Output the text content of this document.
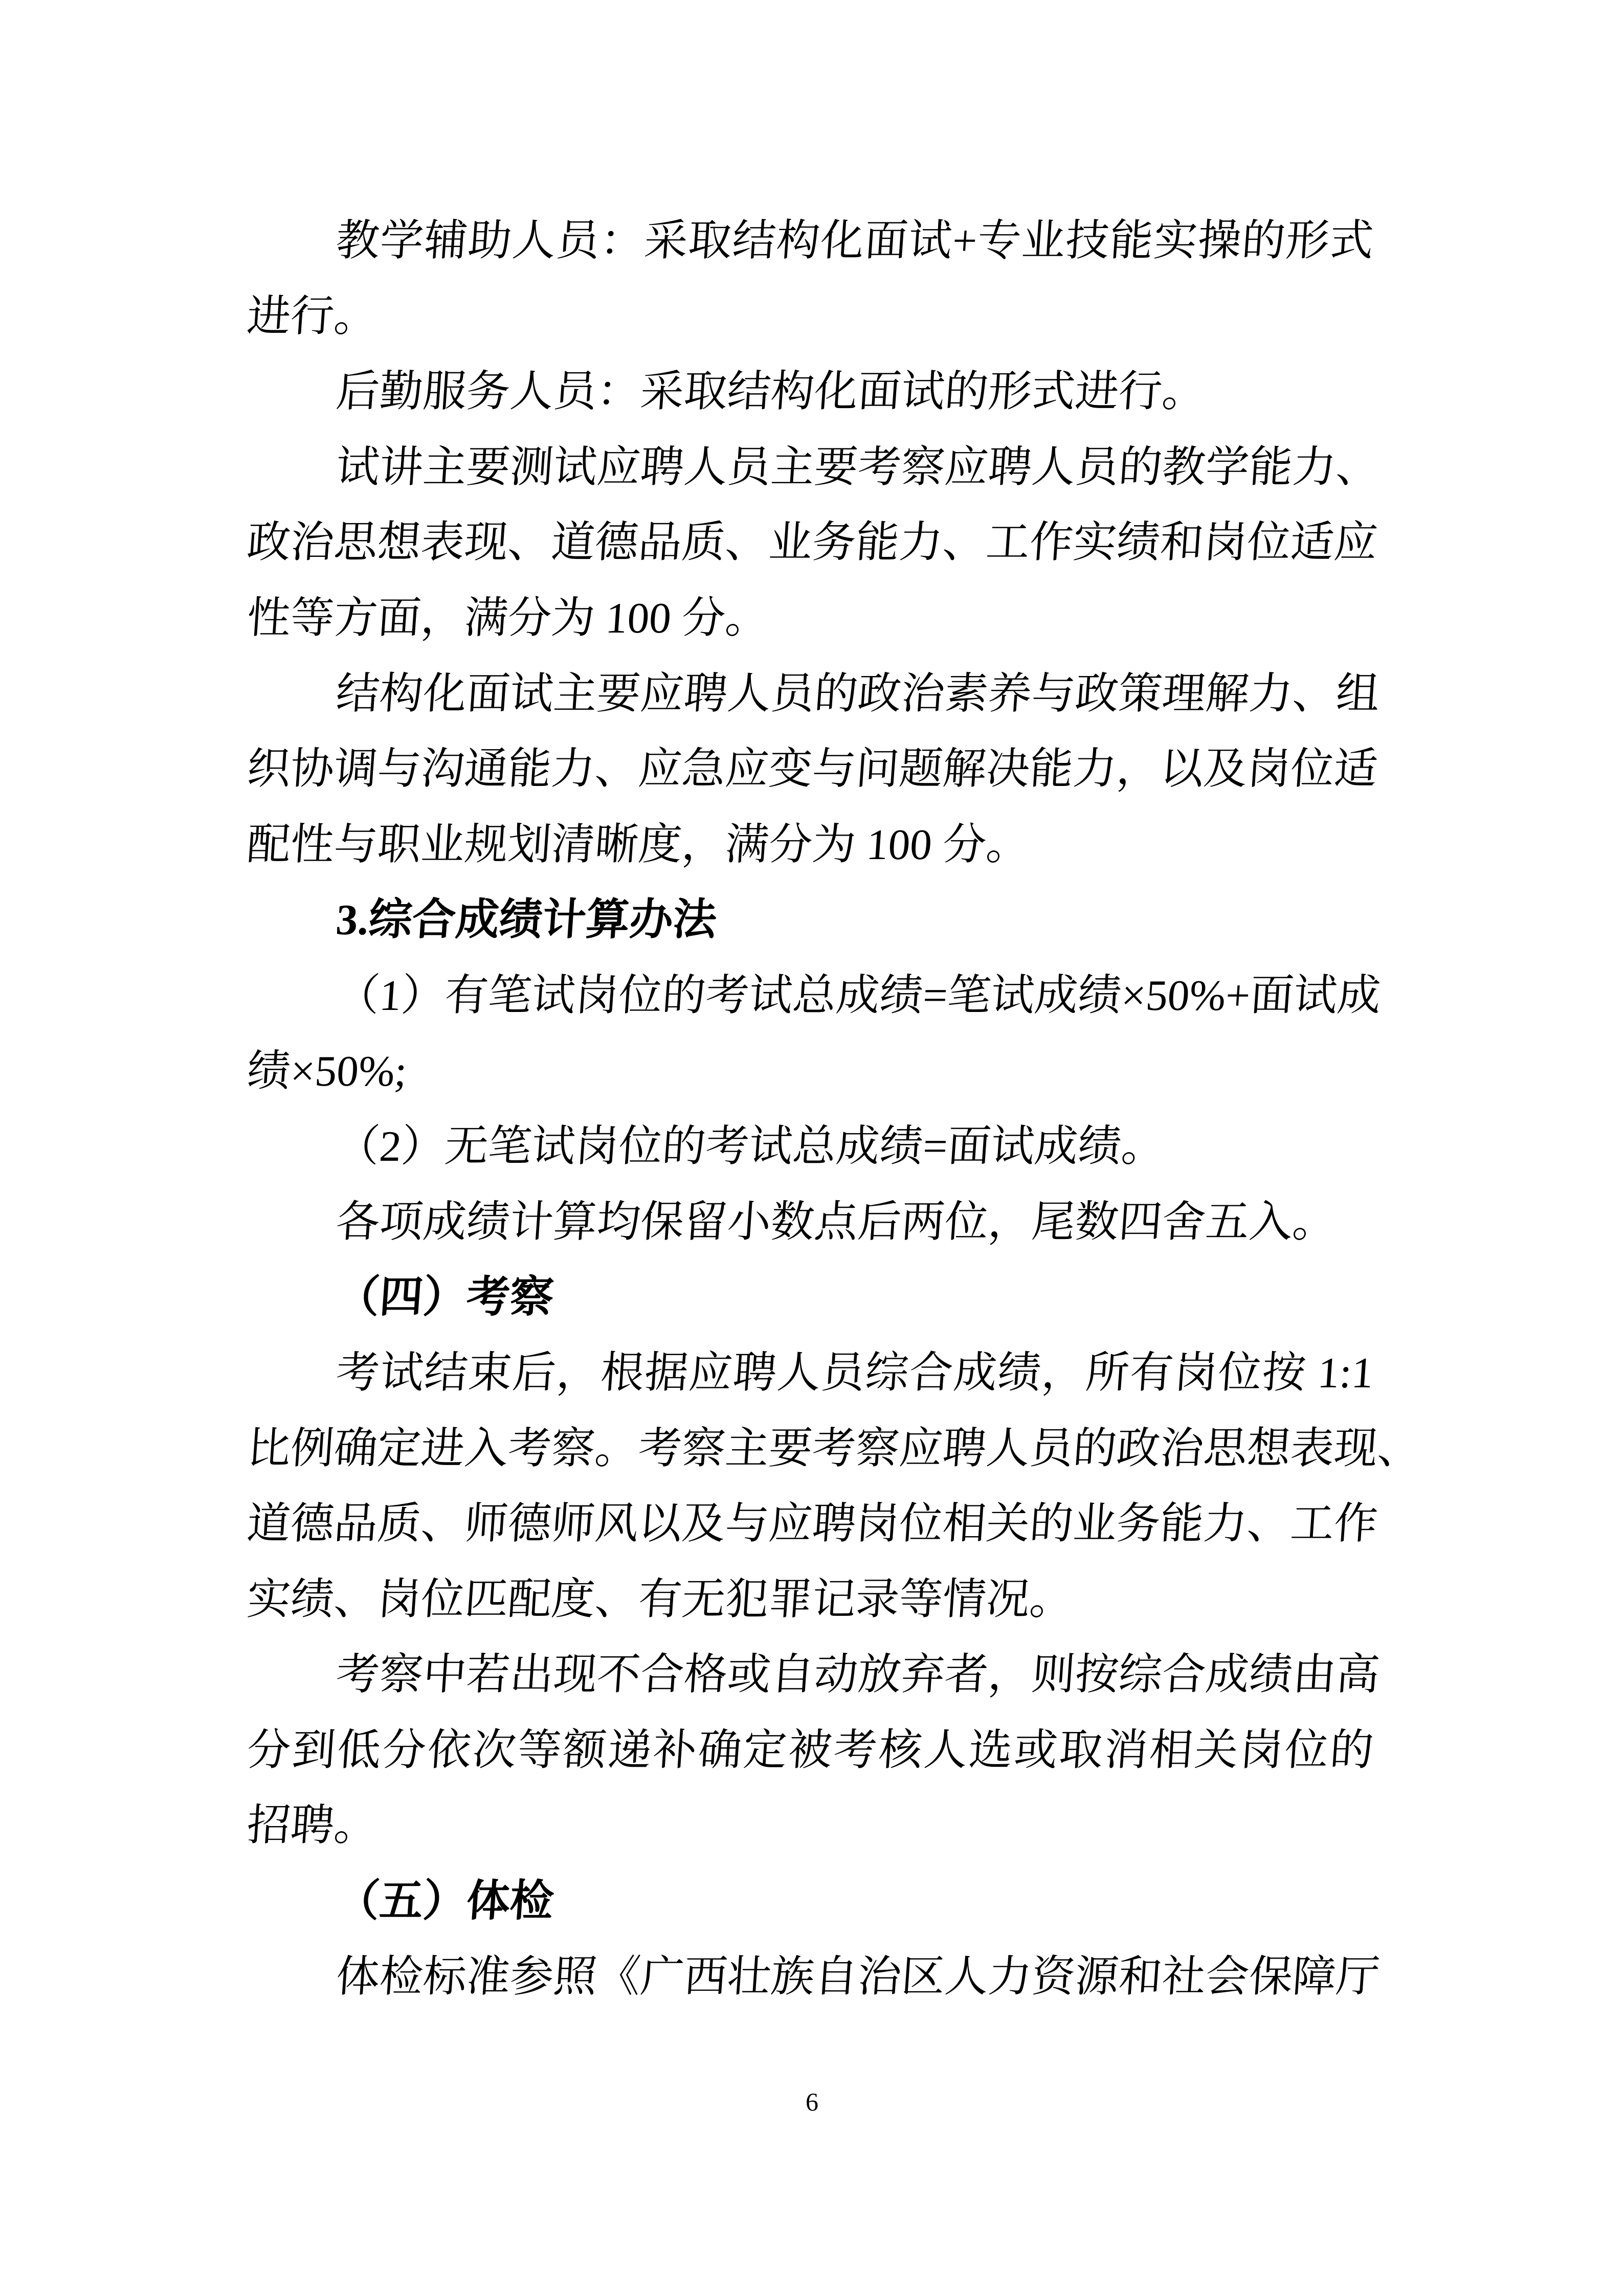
教学辅助人员：采取结构化面试+专业技能实操的形式
进行。
后勤服务人员：采取结构化面试的形式进行。
试讲主要测试应聘人员主要考察应聘人员的教学能力、
政治思想表现、道德品质、业务能力、工作实绩和岗位适应
性等方面，满分为 100 分。
结构化面试主要应聘人员的政治素养与政策理解力、组
织协调与沟通能力、应急应变与问题解决能力，以及岗位适
配性与职业规划清晰度，满分为 100 分。
3.综合成绩计算办法
（1）有笔试岗位的考试总成绩=笔试成绩×50%+面试成
绩×50%;
（2）无笔试岗位的考试总成绩=面试成绩。
各项成绩计算均保留小数点后两位，尾数四舍五入。
（四）考察
考试结束后，根据应聘人员综合成绩，所有岗位按 1:1
比例确定进入考察。考察主要考察应聘人员的政治思想表现、
道德品质、师德师风以及与应聘岗位相关的业务能力、工作
实绩、岗位匹配度、有无犯罪记录等情况。
考察中若出现不合格或自动放弃者，则按综合成绩由高
分到低分依次等额递补确定被考核人选或取消相关岗位的
招聘。
（五）体检
体检标准参照《广西壮族自治区人力资源和社会保障厅
6
